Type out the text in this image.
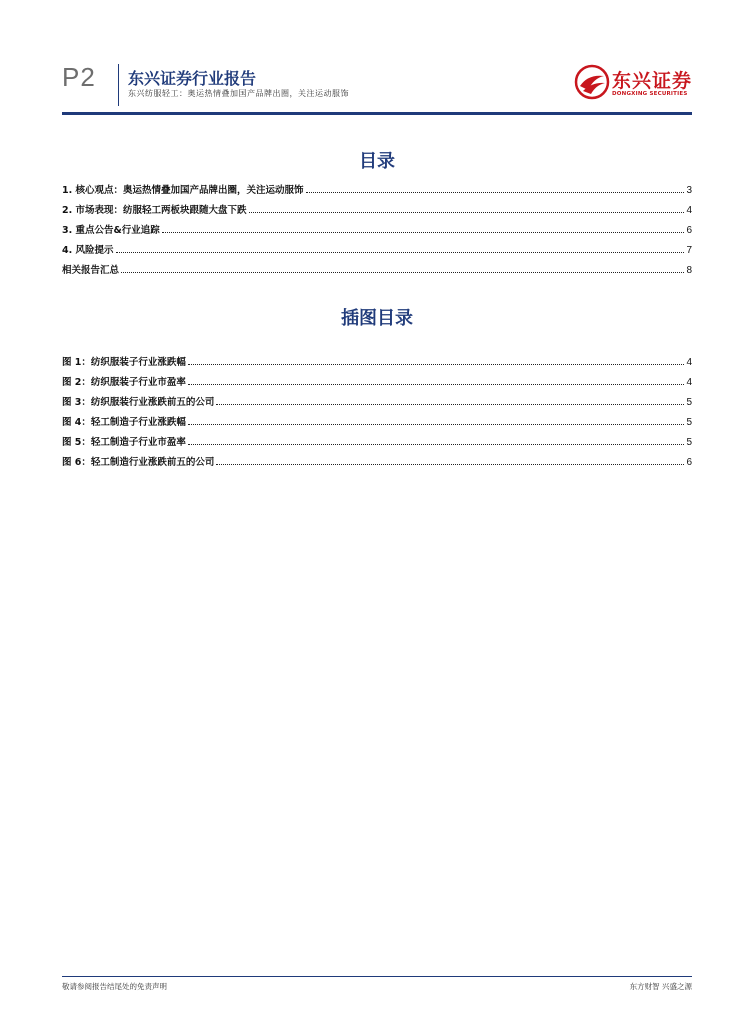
P2 东兴证券行业报告
东兴纺服轻工：奥运热情叠加国产品牌出圈，关注运动服饰
东兴证券
DONGXING SECURITIES
目录
1. 核心观点：奥运热情叠加国产品牌出圈，关注运动服饰	3
2. 市场表现：纺服轻工两板块跟随大盘下跌	4
3. 重点公告&行业追踪	6
4. 风险提示	7
相关报告汇总	8
插图目录
图 1：纺织服装子行业涨跌幅	4
图 2：纺织服装子行业市盈率	4
图 3：纺织服装行业涨跌前五的公司	5
图 4：轻工制造子行业涨跌幅	5
图 5：轻工制造子行业市盈率	5
图 6：轻工制造行业涨跌前五的公司	6
敬请参阅报告结尾处的免责声明	东方财智 兴盛之源
